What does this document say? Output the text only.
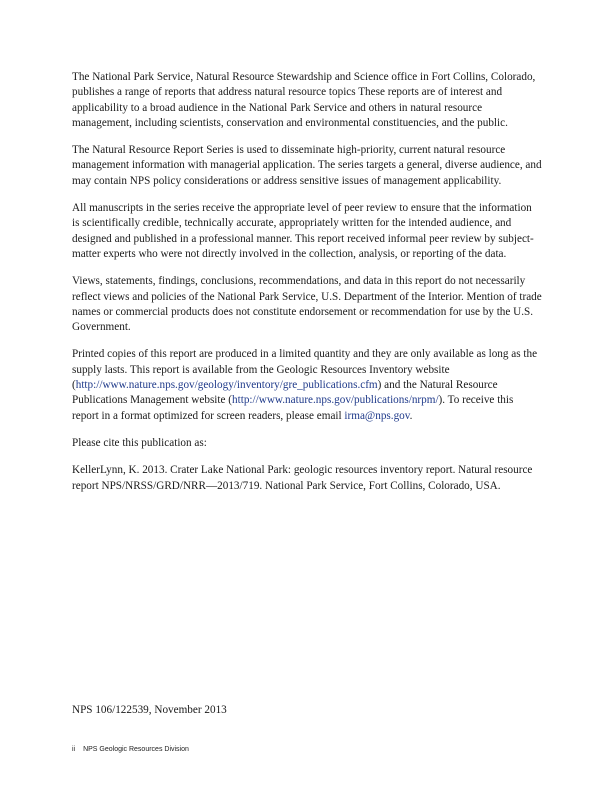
The National Park Service, Natural Resource Stewardship and Science office in Fort Collins, Colorado, publishes a range of reports that address natural resource topics These reports are of interest and applicability to a broad audience in the National Park Service and others in natural resource management, including scientists, conservation and environmental constituencies, and the public.

The Natural Resource Report Series is used to disseminate high-priority, current natural resource management information with managerial application. The series targets a general, diverse audience, and may contain NPS policy considerations or address sensitive issues of management applicability.

All manuscripts in the series receive the appropriate level of peer review to ensure that the information is scientifically credible, technically accurate, appropriately written for the intended audience, and designed and published in a professional manner. This report received informal peer review by subject-matter experts who were not directly involved in the collection, analysis, or reporting of the data.

Views, statements, findings, conclusions, recommendations, and data in this report do not necessarily reflect views and policies of the National Park Service, U.S. Department of the Interior. Mention of trade names or commercial products does not constitute endorsement or recommendation for use by the U.S. Government.

Printed copies of this report are produced in a limited quantity and they are only available as long as the supply lasts. This report is available from the Geologic Resources Inventory website (http://www.nature.nps.gov/geology/inventory/gre_publications.cfm) and the Natural Resource Publications Management website (http://www.nature.nps.gov/publications/nrpm/). To receive this report in a format optimized for screen readers, please email irma@nps.gov.

Please cite this publication as:

KellerLynn, K. 2013. Crater Lake National Park: geologic resources inventory report. Natural resource report NPS/NRSS/GRD/NRR—2013/719. National Park Service, Fort Collins, Colorado, USA.

NPS 106/122539, November 2013

ii NPS Geologic Resources Division
